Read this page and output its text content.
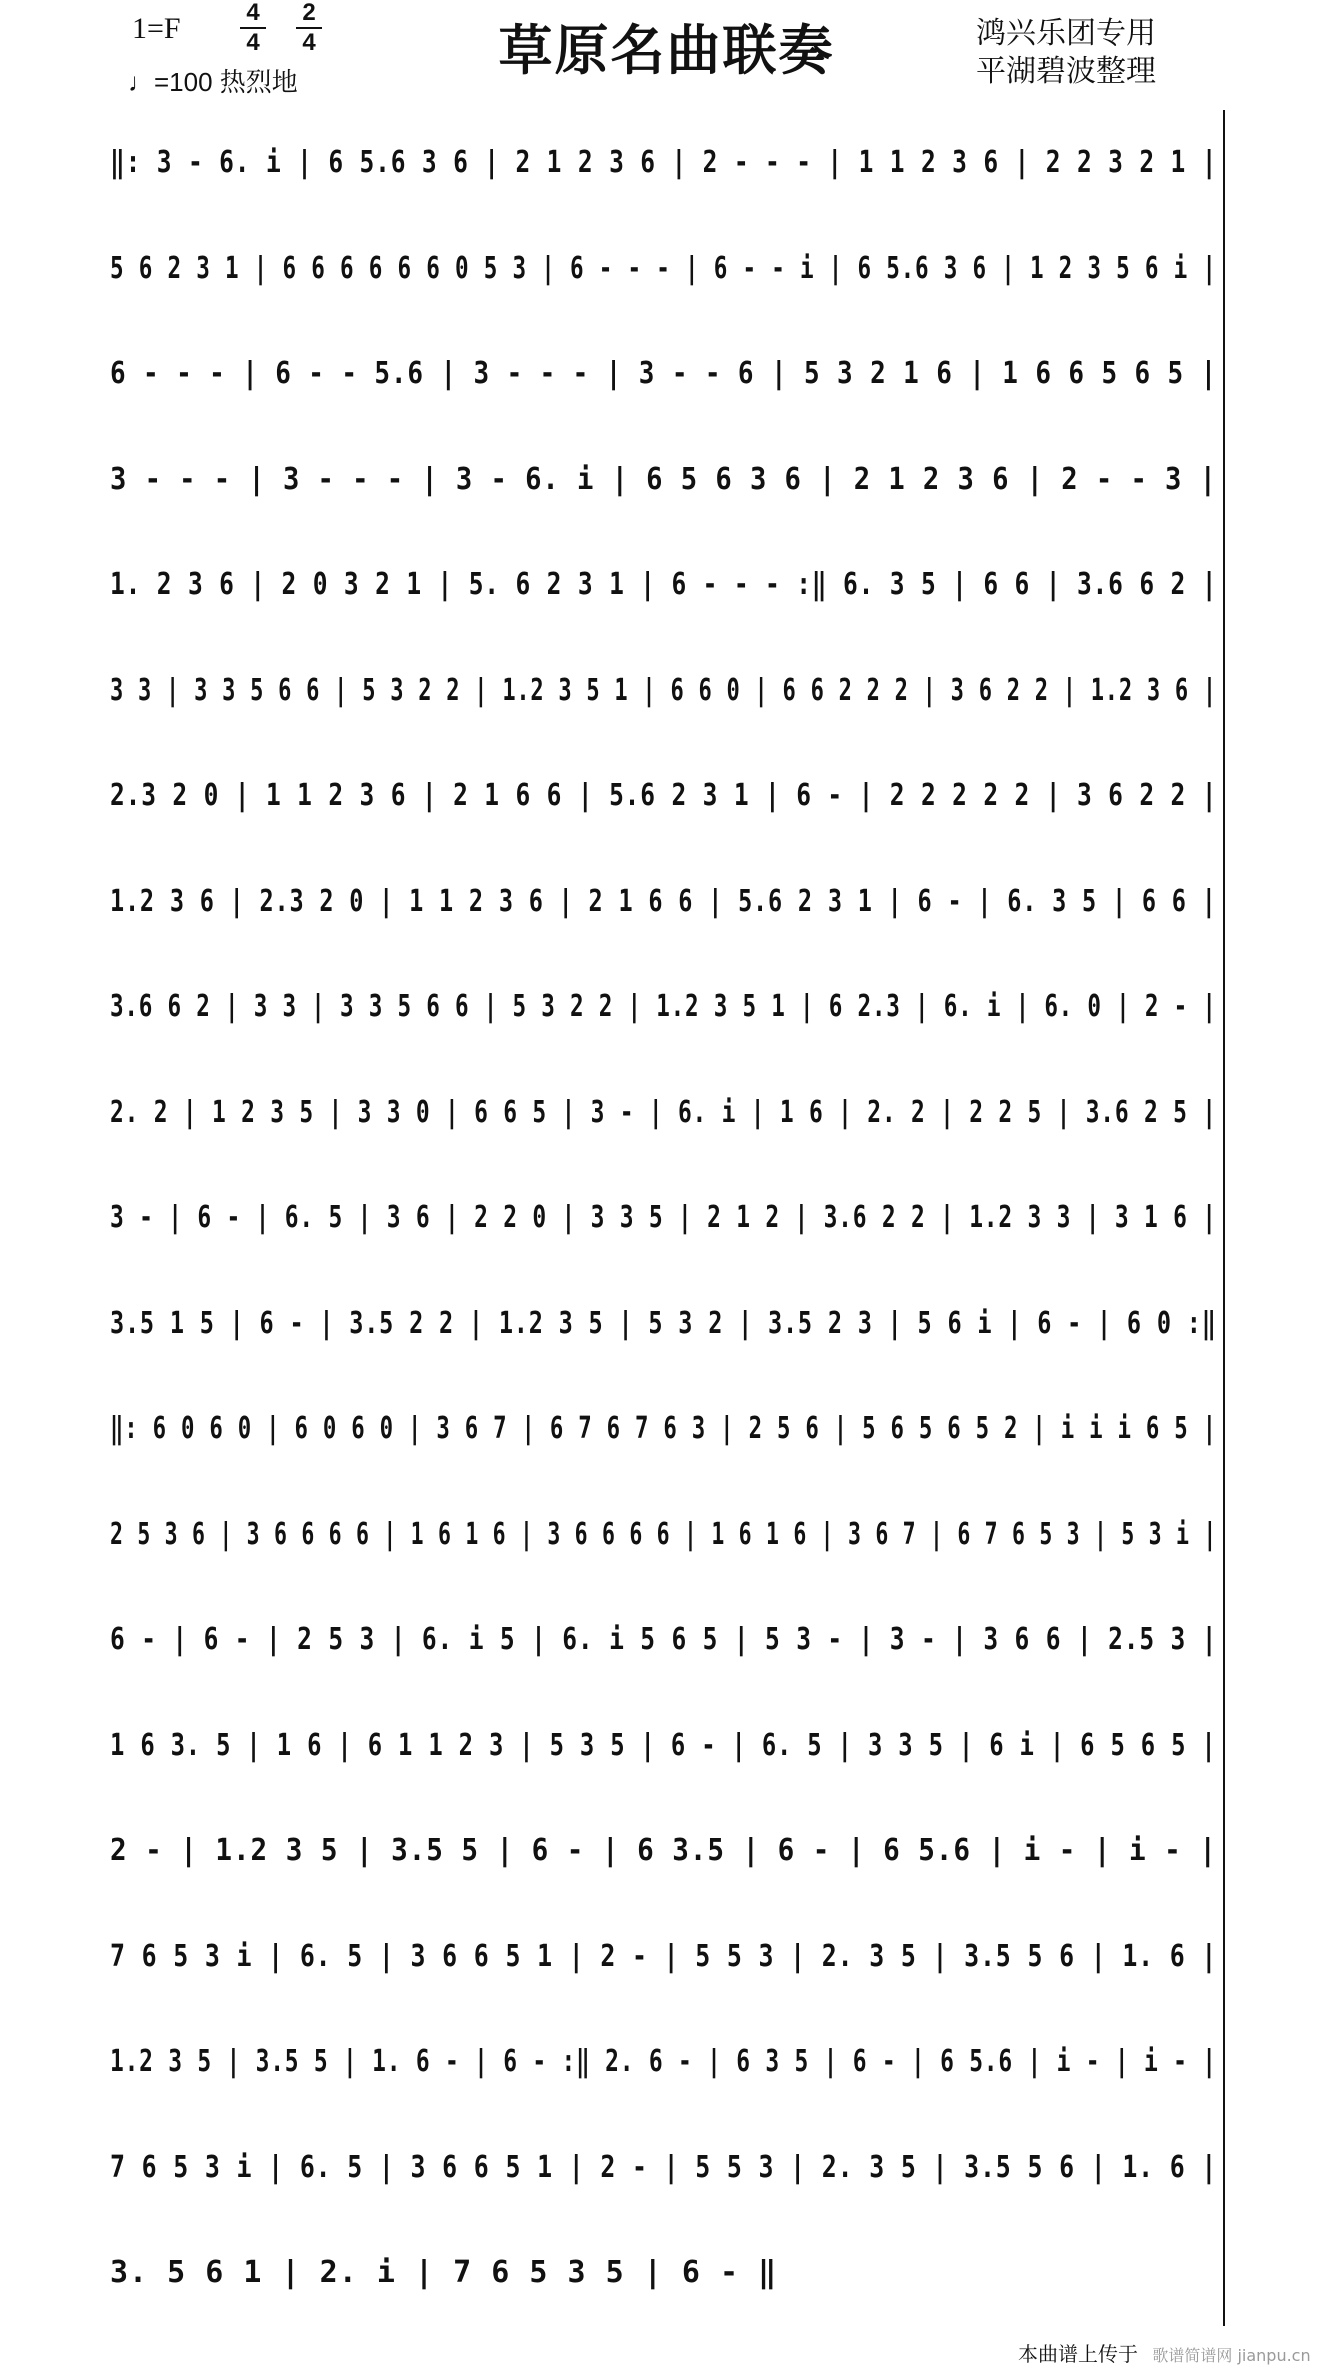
1=F	4
4
2
4
♩=100 热烈地	草原名曲联奏	鸿兴乐团专用
平湖碧波整理
‖: 3 - 6. i | 6 5.6 3 6 | 2 1 2 3 6 | 2 - - - | 1 1 2 3 6 | 2 2 3 2 1 |
5 6 2 3 1 | 6 6 6 6 6 6 0 5 3 | 6 - - - | 6 - - i | 6 5.6 3 6 | 1 2 3 5 6 i |
6 - - - | 6 - - 5.6 | 3 - - - | 3 - - 6 | 5 3 2 1 6 | 1 6 6 5 6 5 |
3 - - - | 3 - - - | 3 - 6. i | 6 5 6 3 6 | 2 1 2 3 6 | 2 - - 3 |
1. 2 3 6 | 2 0 3 2 1 | 5. 6 2 3 1 | 6 - - - :‖ 6. 3 5 | 6 6 | 3.6 6 2 |
3 3 | 3 3 5 6 6 | 5 3 2 2 | 1.2 3 5 1 | 6 6 0 | 6 6 2 2 2 | 3 6 2 2 | 1.2 3 6 |
2.3 2 0 | 1 1 2 3 6 | 2 1 6 6 | 5.6 2 3 1 | 6 - | 2 2 2 2 2 | 3 6 2 2 |
1.2 3 6 | 2.3 2 0 | 1 1 2 3 6 | 2 1 6 6 | 5.6 2 3 1 | 6 - | 6. 3 5 | 6 6 |
3.6 6 2 | 3 3 | 3 3 5 6 6 | 5 3 2 2 | 1.2 3 5 1 | 6 2.3 | 6. i | 6. 0 | 2 - |
2. 2 | 1 2 3 5 | 3 3 0 | 6 6 5 | 3 - | 6. i | 1 6 | 2. 2 | 2 2 5 | 3.6 2 5 |
3 - | 6 - | 6. 5 | 3 6 | 2 2 0 | 3 3 5 | 2 1 2 | 3.6 2 2 | 1.2 3 3 | 3 1 6 |
3.5 1 5 | 6 - | 3.5 2 2 | 1.2 3 5 | 5 3 2 | 3.5 2 3 | 5 6 i | 6 - | 6 0 :‖
‖: 6 0 6 0 | 6 0 6 0 | 3 6 7 | 6 7 6 7 6 3 | 2 5 6 | 5 6 5 6 5 2 | i i i 6 5 |
2 5 3 6 | 3 6 6 6 6 | 1 6 1 6 | 3 6 6 6 6 | 1 6 1 6 | 3 6 7 | 6 7 6 5 3 | 5 3 i |
6 - | 6 - | 2 5 3 | 6. i 5 | 6. i 5 6 5 | 5 3 - | 3 - | 3 6 6 | 2.5 3 |
1 6 3. 5 | 1 6 | 6 1 1 2 3 | 5 3 5 | 6 - | 6. 5 | 3 3 5 | 6 i | 6 5 6 5 |
2 - | 1.2 3 5 | 3.5 5 | 6 - | 6 3.5 | 6 - | 6 5.6 | i - | i - |
7 6 5 3 i | 6. 5 | 3 6 6 5 1 | 2 - | 5 5 3 | 2. 3 5 | 3.5 5 6 | 1. 6 |
1.2 3 5 | 3.5 5 | 1. 6 - | 6 - :‖ 2. 6 - | 6 3 5 | 6 - | 6 5.6 | i - | i - |
7 6 5 3 i | 6. 5 | 3 6 6 5 1 | 2 - | 5 5 3 | 2. 3 5 | 3.5 5 6 | 1. 6 |
3. 5 6 1 | 2. i | 7 6 5 3 5 | 6 - ‖
本曲谱上传于 歌谱简谱网 jianpu.cn
